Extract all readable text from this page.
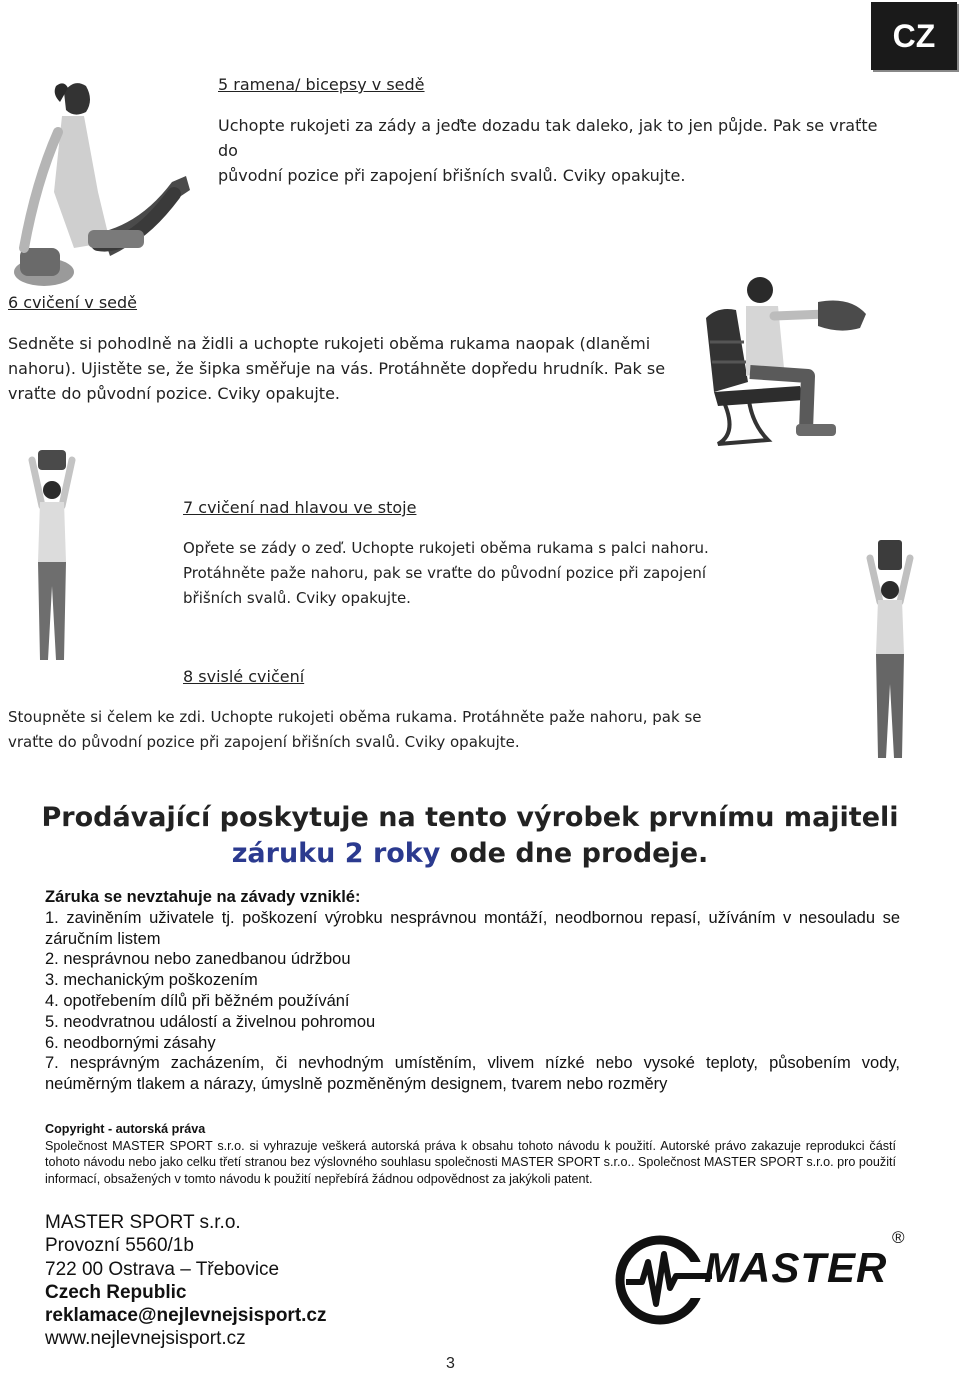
CZ
5 ramena/ bicepsy v sedě

Uchopte rukojeti za zády a jeďte dozadu tak daleko, jak to jen půjde. Pak se vraťte do

původní pozice při zapojení břišních svalů. Cviky opakujte.

6 cvičení v sedě

Sedněte si pohodlně na židli a uchopte rukojeti oběma rukama naopak (dlaněmi

nahoru). Ujistěte se, že šipka směřuje na vás. Protáhněte dopředu hrudník. Pak se

vraťte do původní pozice. Cviky opakujte.

7 cvičení nad hlavou ve stoje

Opřete se zády o zeď. Uchopte rukojeti oběma rukama s palci nahoru.

Protáhněte paže nahoru, pak se vraťte do původní pozice při zapojení

břišních svalů. Cviky opakujte.

8 svislé cvičení

Stoupněte si čelem ke zdi. Uchopte rukojeti oběma rukama. Protáhněte paže nahoru, pak se

vraťte do původní pozice při zapojení břišních svalů. Cviky opakujte.

Prodávající poskytuje na tento výrobek prvnímu majiteli
záruku 2 roky ode dne prodeje.

Záruka se nevztahuje na závady vzniklé:

1. zaviněním uživatele tj. poškození výrobku nesprávnou montáží, neodbornou repasí, užíváním v nesouladu se záručním listem

2. nesprávnou nebo zanedbanou údržbou

3. mechanickým poškozením

4. opotřebením dílů při běžném používání

5. neodvratnou událostí a živelnou pohromou

6. neodbornými zásahy

7. nesprávným zacházením, či nevhodným umístěním, vlivem nízké nebo vysoké teploty, působením vody, neúměrným tlakem a nárazy, úmyslně pozměněným designem, tvarem nebo rozměry

Copyright - autorská práva
Společnost MASTER SPORT s.r.o. si vyhrazuje veškerá autorská práva k obsahu tohoto návodu k použití. Autorské právo zakazuje reprodukci částí tohoto návodu nebo jako celku třetí stranou bez výslovného souhlasu společnosti MASTER SPORT s.r.o.. Společnost MASTER SPORT s.r.o. pro použití informací, obsažených v tomto návodu k použití nepřebírá žádnou odpovědnost za jakýkoli patent.
MASTER SPORT s.r.o.
Provozní 5560/1b
722 00 Ostrava – Třebovice
Czech Republic
reklamace@nejlevnejsisport.cz
www.nejlevnejsisport.cz
MASTER
®
3
